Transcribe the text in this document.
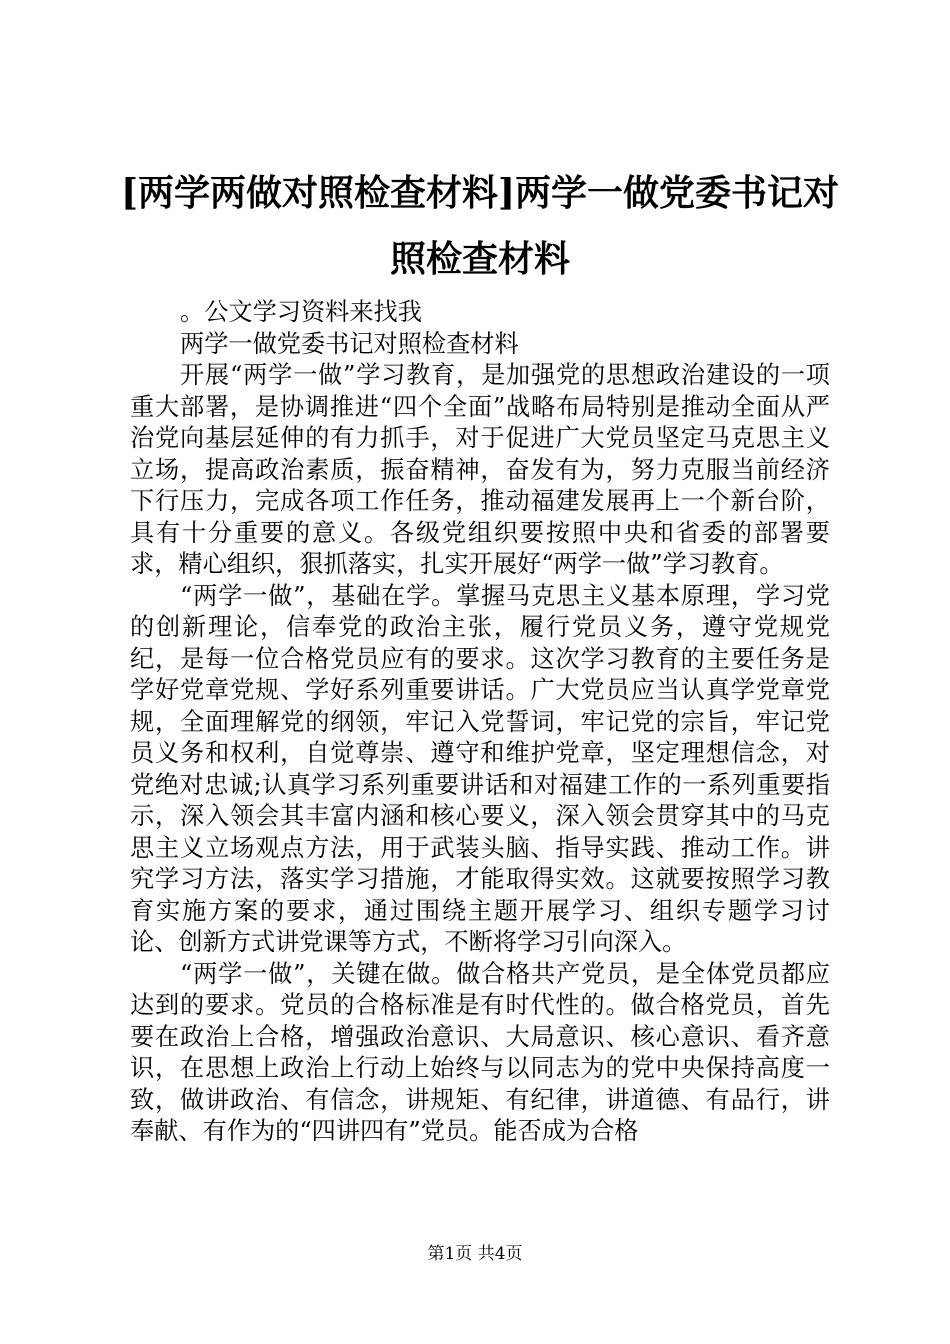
[两学两做对照检查材料]两学一做党委书记对照检查材料

。公文学习资料来找我

两学一做党委书记对照检查材料

开展“两学一做”学习教育，是加强党的思想政治建设的一项重大部署，是协调推进“四个全面”战略布局特别是推动全面从严治党向基层延伸的有力抓手，对于促进广大党员坚定马克思主义立场，提高政治素质，振奋精神，奋发有为，努力克服当前经济下行压力，完成各项工作任务，推动福建发展再上一个新台阶，具有十分重要的意义。各级党组织要按照中央和省委的部署要求，精心组织，狠抓落实，扎实开展好“两学一做”学习教育。

“两学一做”，基础在学。掌握马克思主义基本原理，学习党的创新理论，信奉党的政治主张，履行党员义务，遵守党规党纪，是每一位合格党员应有的要求。这次学习教育的主要任务是学好党章党规、学好系列重要讲话。广大党员应当认真学党章党规，全面理解党的纲领，牢记入党誓词，牢记党的宗旨，牢记党员义务和权利，自觉尊崇、遵守和维护党章，坚定理想信念，对党绝对忠诚;认真学习系列重要讲话和对福建工作的一系列重要指示，深入领会其丰富内涵和核心要义，深入领会贯穿其中的马克思主义立场观点方法，用于武装头脑、指导实践、推动工作。讲究学习方法，落实学习措施，才能取得实效。这就要按照学习教育实施方案的要求，通过围绕主题开展学习、组织专题学习讨论、创新方式讲党课等方式，不断将学习引向深入。

“两学一做”，关键在做。做合格共产党员，是全体党员都应达到的要求。党员的合格标准是有时代性的。做合格党员，首先要在政治上合格，增强政治意识、大局意识、核心意识、看齐意识，在思想上政治上行动上始终与以同志为的党中央保持高度一致，做讲政治、有信念，讲规矩、有纪律，讲道德、有品行，讲奉献、有作为的“四讲四有”党员。能否成为合格

第1页 共4页
